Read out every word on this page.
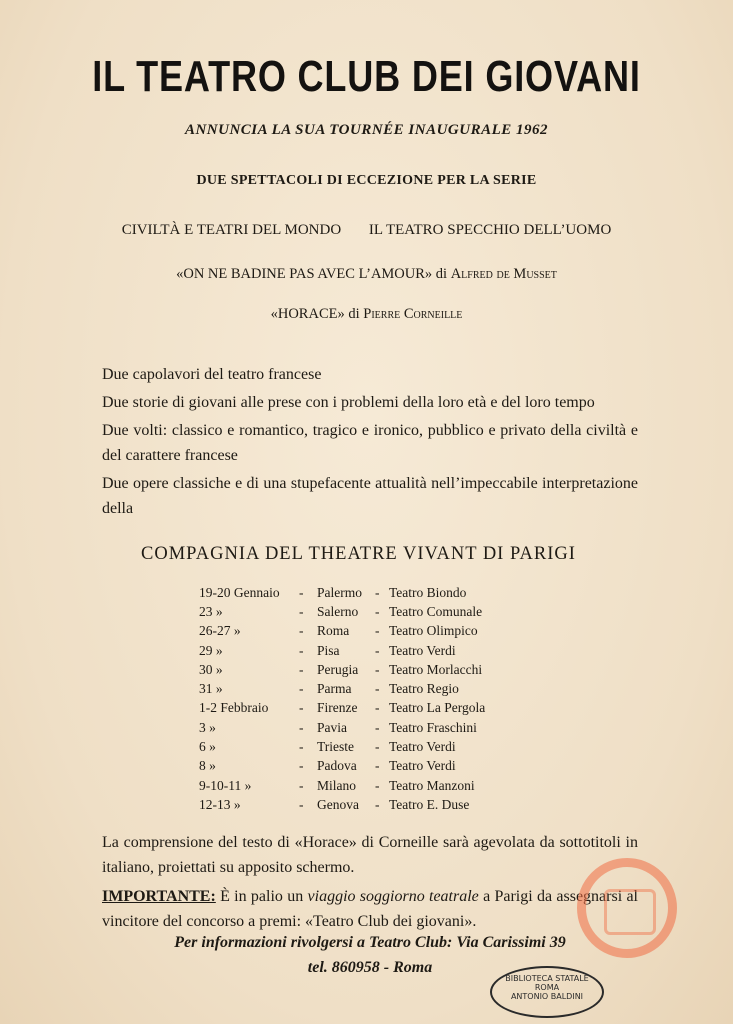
IL TEATRO CLUB DEI GIOVANI
ANNUNCIA LA SUA TOURNÉE INAUGURALE 1962
DUE SPETTACOLI DI ECCEZIONE PER LA SERIE
CIVILTÀ E TEATRI DEL MONDO IL TEATRO SPECCHIO DELL’UOMO
«ON NE BADINE PAS AVEC L’AMOUR» di Alfred de Musset
«HORACE» di Pierre Corneille

Due capolavori del teatro francese

Due storie di giovani alle prese con i problemi della loro età e del loro tempo

Due volti: classico e romantico, tragico e ironico, pubblico e privato della civiltà e del carattere francese

Due opere classiche e di una stupefacente attualità nell’impeccabile interpretazione della

COMPAGNIA DEL THEATRE VIVANT DI PARIGI
19-20 Gennaio	-	Palermo	-	Teatro Biondo
23 »	-	Salerno	-	Teatro Comunale
26-27 »	-	Roma	-	Teatro Olimpico
29 »	-	Pisa	-	Teatro Verdi
30 »	-	Perugia	-	Teatro Morlacchi
31 »	-	Parma	-	Teatro Regio
1-2 Febbraio	-	Firenze	-	Teatro La Pergola
3 »	-	Pavia	-	Teatro Fraschini
6 »	-	Trieste	-	Teatro Verdi
8 »	-	Padova	-	Teatro Verdi
9-10-11 »	-	Milano	-	Teatro Manzoni
12-13 »	-	Genova	-	Teatro E. Duse

La comprensione del testo di «Horace» di Corneille sarà agevolata da sottotitoli in italiano, proiettati su apposito schermo.

IMPORTANTE: È in palio un viaggio soggiorno teatrale a Parigi da assegnarsi al vincitore del concorso a premi: «Teatro Club dei giovani».

Per informazioni rivolgersi a Teatro Club: Via Carissimi 39
tel. 860958 - Roma
BIBLIOTECA STATALE
ROMA
ANTONIO BALDINI
